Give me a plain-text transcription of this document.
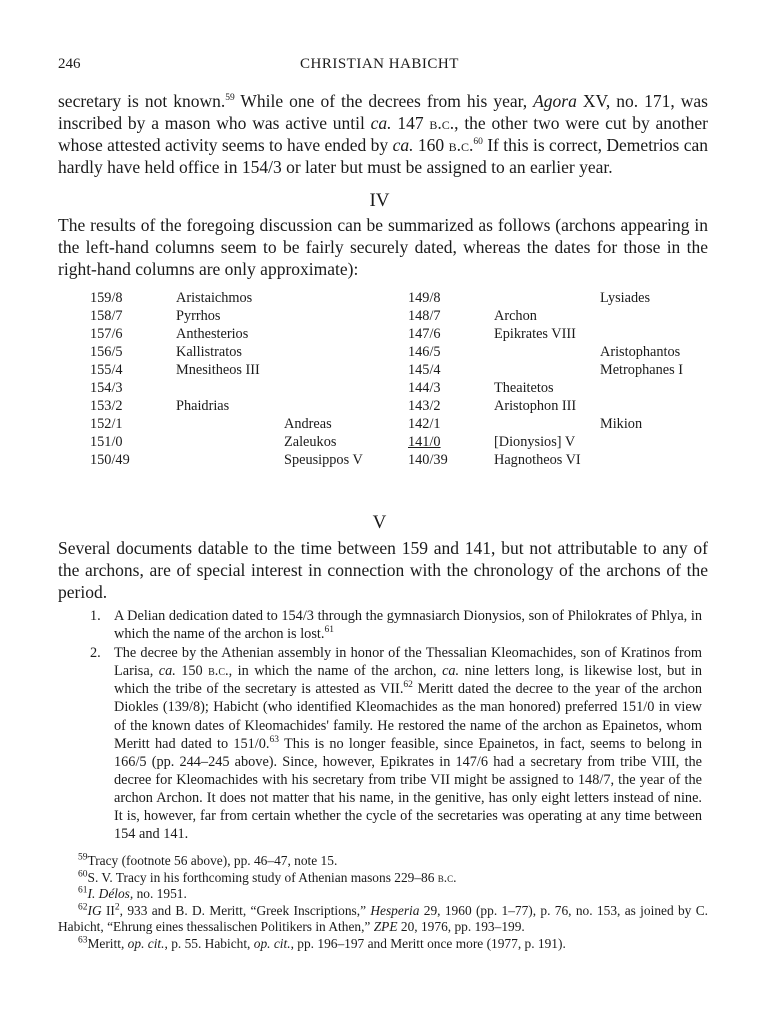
246	CHRISTIAN HABICHT
secretary is not known.$^{59}$ While one of the decrees from his year, Agora XV, no. 171, was inscribed by a mason who was active until ca. 147 b.c., the other two were cut by another whose attested activity seems to have ended by ca. 160 b.c.$^{60}$ If this is correct, Demetrios can hardly have held office in 154/3 or later but must be assigned to an earlier year.
IV
The results of the foregoing discussion can be summarized as follows (archons appearing in the left-hand columns seem to be fairly securely dated, whereas the dates for those in the right-hand columns are only approximate):
159/8	Aristaichmos		149/8		Lysiades
158/7	Pyrrhos		148/7	Archon	
157/6	Anthesterios		147/6	Epikrates VIII	
156/5	Kallistratos		146/5		Aristophantos
155/4	Mnesitheos III		145/4		Metrophanes I
154/3			144/3	Theaitetos	
153/2	Phaidrias		143/2	Aristophon III	
152/1		Andreas	142/1		Mikion
151/0		Zaleukos	141/0	[Dionysios] V	
150/49		Speusippos V	140/39	Hagnotheos VI	
V
Several documents datable to the time between 159 and 141, but not attributable to any of the archons, are of special interest in connection with the chronology of the archons of the period.
1. A Delian dedication dated to 154/3 through the gymnasiarch Dionysios, son of Philokrates of Phlya, in which the name of the archon is lost.$^{61}$
2. The decree by the Athenian assembly in honor of the Thessalian Kleomachides, son of Kratinos from Larisa, ca. 150 b.c., in which the name of the archon, ca. nine letters long, is likewise lost, but in which the tribe of the secretary is attested as VII.$^{62}$ Meritt dated the decree to the year of the archon Diokles (139/8); Habicht (who identified Kleomachides as the man honored) preferred 151/0 in view of the known dates of Kleomachides' family. He restored the name of the archon as Epainetos, whom Meritt had dated to 151/0.63 This is no longer feasible, since Epainetos, in fact, seems to belong in 166/5 (pp. 244–245 above). Since, however, Epikrates in 147/6 had a secretary from tribe VIII, the decree for Kleomachides with his secretary from tribe VII might be assigned to 148/7, the year of the archon Archon. It does not matter that his name, in the genitive, has only eight letters instead of nine. It is, however, far from certain whether the cycle of the secretaries was operating at any time between 154 and 141.
$^{59}$Tracy (footnote 56 above), pp. 46–47, note 15.
$^{60}$S. V. Tracy in his forthcoming study of Athenian masons 229–86 b.c.
$^{61}$I. Délos, no. 1951.
$^{62}$IG $II^2$, 933 and B. D. Meritt, “Greek Inscriptions,” Hesperia 29, 1960 (pp. 1–77), p. 76, no. 153, as joined by C. Habicht, “Ehrung eines thessalischen Politikers in Athen,” ZPE 20, 1976, pp. 193–199.
$^{63}$Meritt, op. cit., p. 55. Habicht, op. cit., pp. 196–197 and Meritt once more (1977, p. 191).
